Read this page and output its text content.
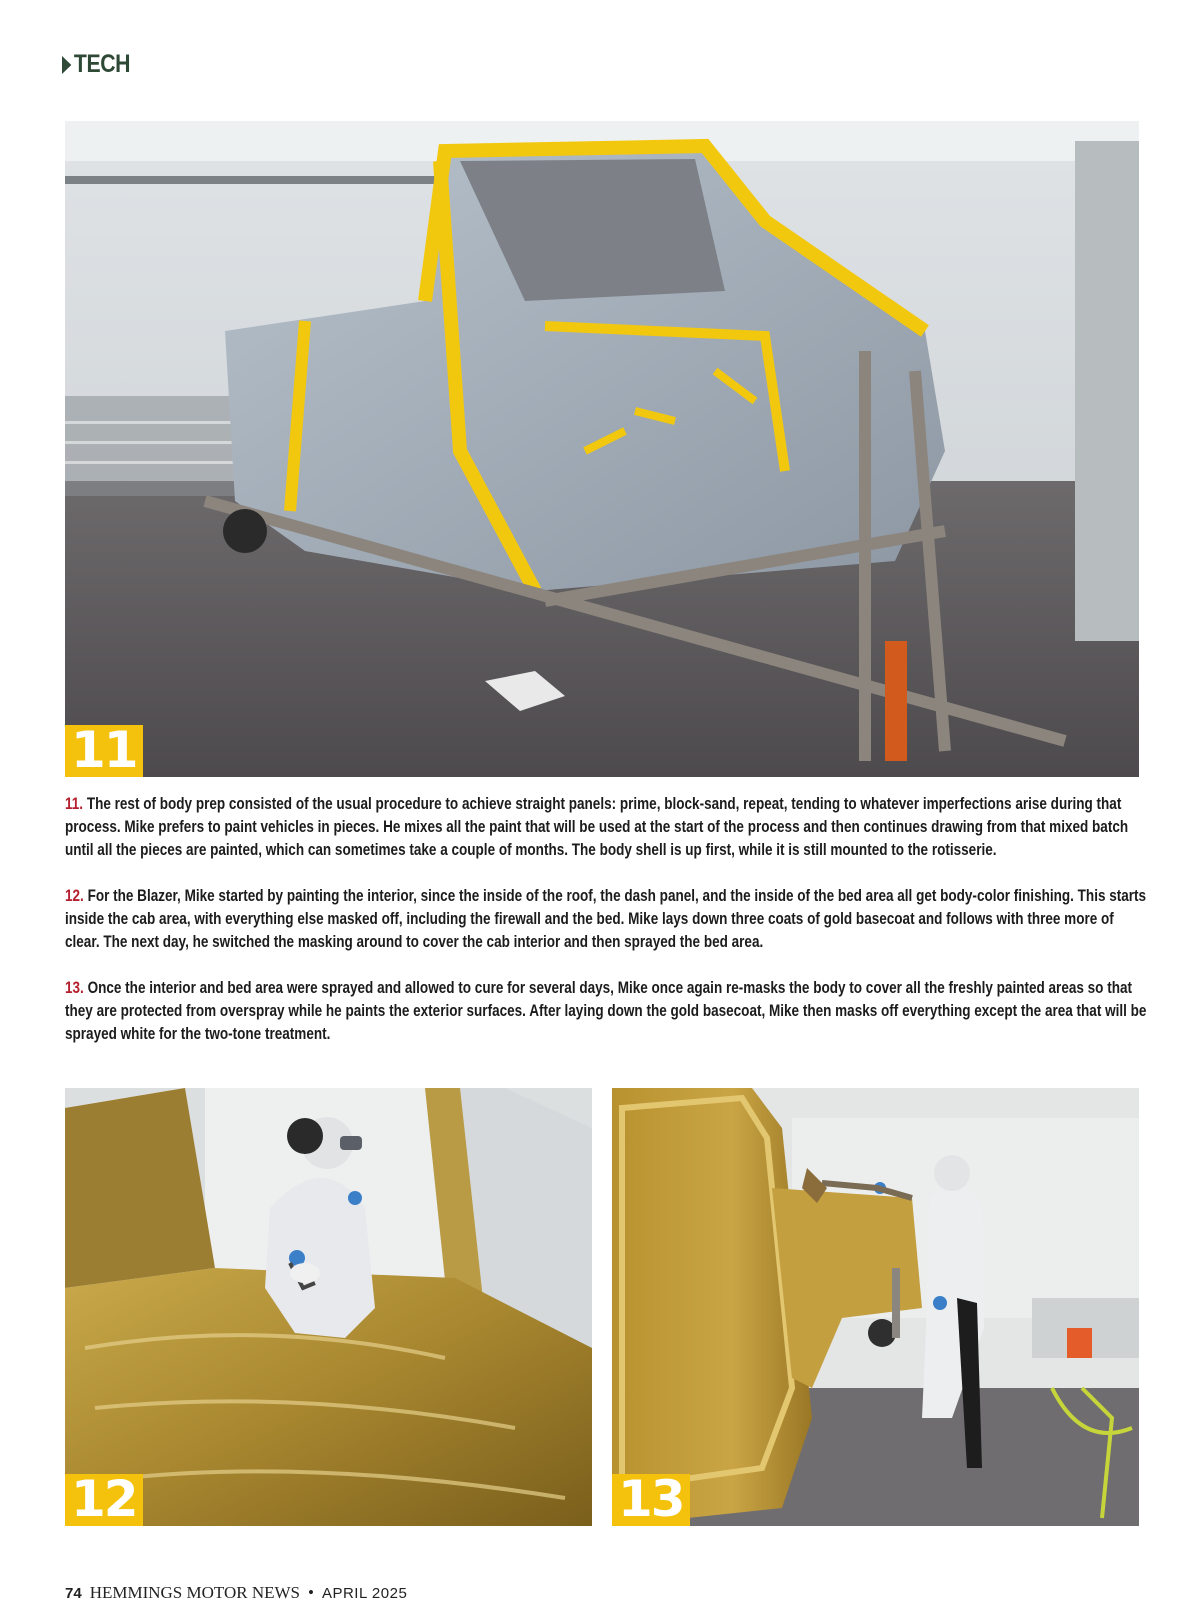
TECH
11

11. The rest of body prep consisted of the usual procedure to achieve straight panels: prime, block-sand, repeat, tending to whatever imperfections arise during that process. Mike prefers to paint vehicles in pieces. He mixes all the paint that will be used at the start of the process and then continues drawing from that mixed batch until all the pieces are painted, which can sometimes take a couple of months. The body shell is up first, while it is still mounted to the rotisserie.

12. For the Blazer, Mike started by painting the interior, since the inside of the roof, the dash panel, and the inside of the bed area all get body-color finishing. This starts inside the cab area, with everything else masked off, including the firewall and the bed. Mike lays down three coats of gold basecoat and follows with three more of clear. The next day, he switched the masking around to cover the cab interior and then sprayed the bed area.

13. Once the interior and bed area were sprayed and allowed to cure for several days, Mike once again re-masks the body to cover all the freshly painted areas so that they are protected from overspray while he paints the exterior surfaces. After laying down the gold basecoat, Mike then masks off everything except the area that will be sprayed white for the two-tone treatment.

12	13
74 HEMMINGS MOTOR NEWS • APRIL 2025
